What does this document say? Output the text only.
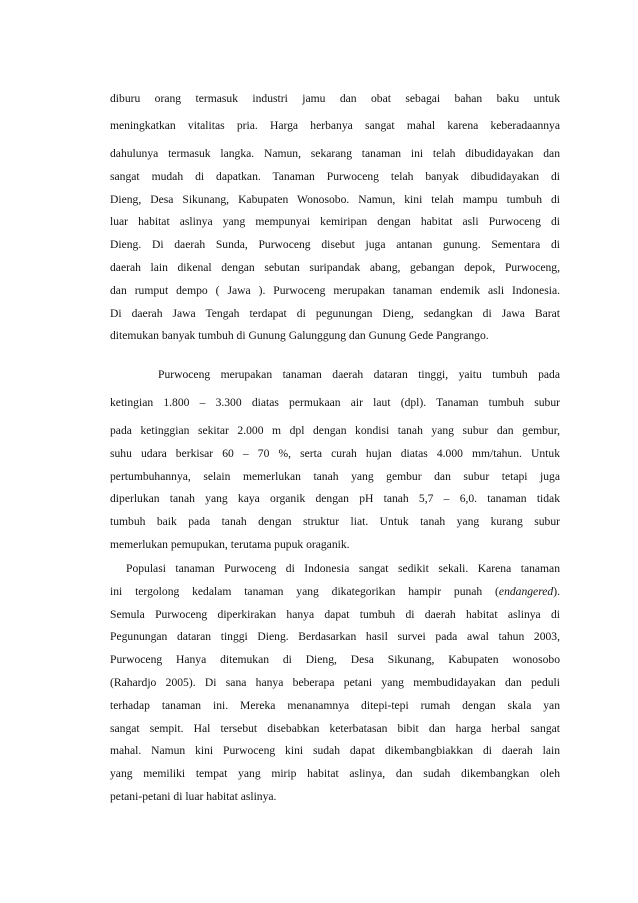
diburu orang termasuk industri jamu dan obat sebagai bahan baku untuk
meningkatkan vitalitas pria. Harga herbanya sangat mahal karena keberadaannya
dahulunya termasuk langka. Namun, sekarang tanaman ini telah dibudidayakan dan
sangat mudah di dapatkan. Tanaman Purwoceng telah banyak dibudidayakan di
Dieng, Desa Sikunang, Kabupaten Wonosobo. Namun, kini telah mampu tumbuh di
luar habitat aslinya yang mempunyai kemiripan dengan habitat asli Purwoceng di
Dieng. Di daerah Sunda, Purwoceng disebut juga antanan gunung. Sementara di
daerah lain dikenal dengan sebutan suripandak abang, gebangan depok, Purwoceng,
dan rumput dempo ( Jawa ). Purwoceng merupakan tanaman endemik asli Indonesia.
Di daerah Jawa Tengah terdapat di pegunungan Dieng, sedangkan di Jawa Barat
ditemukan banyak tumbuh di Gunung Galunggung dan Gunung Gede Pangrango.
Purwoceng merupakan tanaman daerah dataran tinggi, yaitu tumbuh pada
ketingian 1.800 – 3.300 diatas permukaan air laut (dpl). Tanaman tumbuh subur
pada ketinggian sekitar 2.000 m dpl dengan kondisi tanah yang subur dan gembur,
suhu udara berkisar 60 – 70 %, serta curah hujan diatas 4.000 mm/tahun. Untuk
pertumbuhannya, selain memerlukan tanah yang gembur dan subur tetapi juga
diperlukan tanah yang kaya organik dengan pH tanah 5,7 – 6,0. tanaman tidak
tumbuh baik pada tanah dengan struktur liat. Untuk tanah yang kurang subur
memerlukan pemupukan, terutama pupuk oraganik.
Populasi tanaman Purwoceng di Indonesia sangat sedikit sekali. Karena tanaman
ini tergolong kedalam tanaman yang dikategorikan hampir punah (endangered).
Semula Purwoceng diperkirakan hanya dapat tumbuh di daerah habitat aslinya di
Pegunungan dataran tinggi Dieng. Berdasarkan hasil survei pada awal tahun 2003,
Purwoceng Hanya ditemukan di Dieng, Desa Sikunang, Kabupaten wonosobo
(Rahardjo 2005). Di sana hanya beberapa petani yang membudidayakan dan peduli
terhadap tanaman ini. Mereka menanamnya ditepi-tepi rumah dengan skala yan
sangat sempit. Hal tersebut disebabkan keterbatasan bibit dan harga herbal sangat
mahal. Namun kini Purwoceng kini sudah dapat dikembangbiakkan di daerah lain
yang memiliki tempat yang mirip habitat aslinya, dan sudah dikembangkan oleh
petani-petani di luar habitat aslinya.
